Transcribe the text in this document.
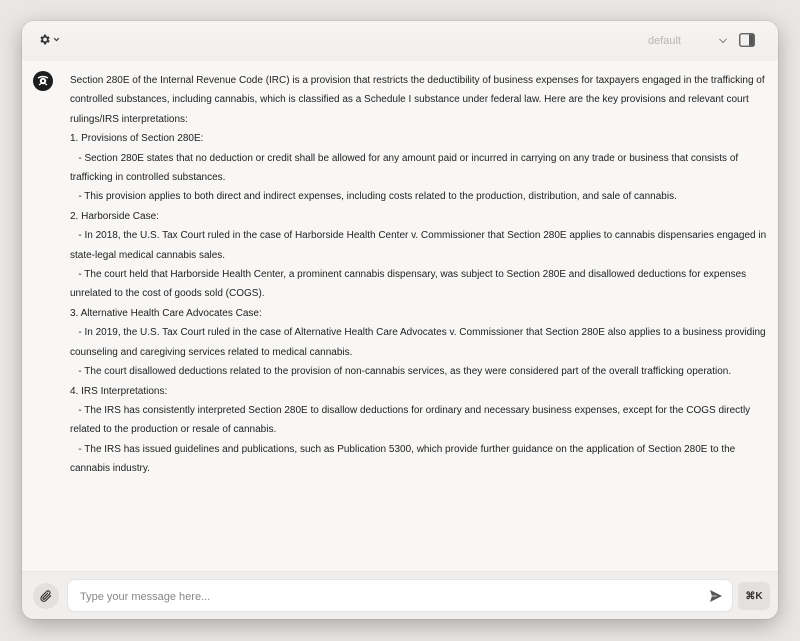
default

Section 280E of the Internal Revenue Code (IRC) is a provision that restricts the deductibility of business expenses for taxpayers engaged in the trafficking of controlled substances, including cannabis, which is classified as a Schedule I substance under federal law. Here are the key provisions and relevant court rulings/IRS interpretations:

1. Provisions of Section 280E:

- Section 280E states that no deduction or credit shall be allowed for any amount paid or incurred in carrying on any trade or business that consists of trafficking in controlled substances.

- This provision applies to both direct and indirect expenses, including costs related to the production, distribution, and sale of cannabis.

2. Harborside Case:

- In 2018, the U.S. Tax Court ruled in the case of Harborside Health Center v. Commissioner that Section 280E applies to cannabis dispensaries engaged in state-legal medical cannabis sales.

- The court held that Harborside Health Center, a prominent cannabis dispensary, was subject to Section 280E and disallowed deductions for expenses unrelated to the cost of goods sold (COGS).

3. Alternative Health Care Advocates Case:

- In 2019, the U.S. Tax Court ruled in the case of Alternative Health Care Advocates v. Commissioner that Section 280E also applies to a business providing counseling and caregiving services related to medical cannabis.

- The court disallowed deductions related to the provision of non-cannabis services, as they were considered part of the overall trafficking operation.

4. IRS Interpretations:

- The IRS has consistently interpreted Section 280E to disallow deductions for ordinary and necessary business expenses, except for the COGS directly related to the production or resale of cannabis.

- The IRS has issued guidelines and publications, such as Publication 5300, which provide further guidance on the application of Section 280E to the cannabis industry.

Type your message here...
⌘K
